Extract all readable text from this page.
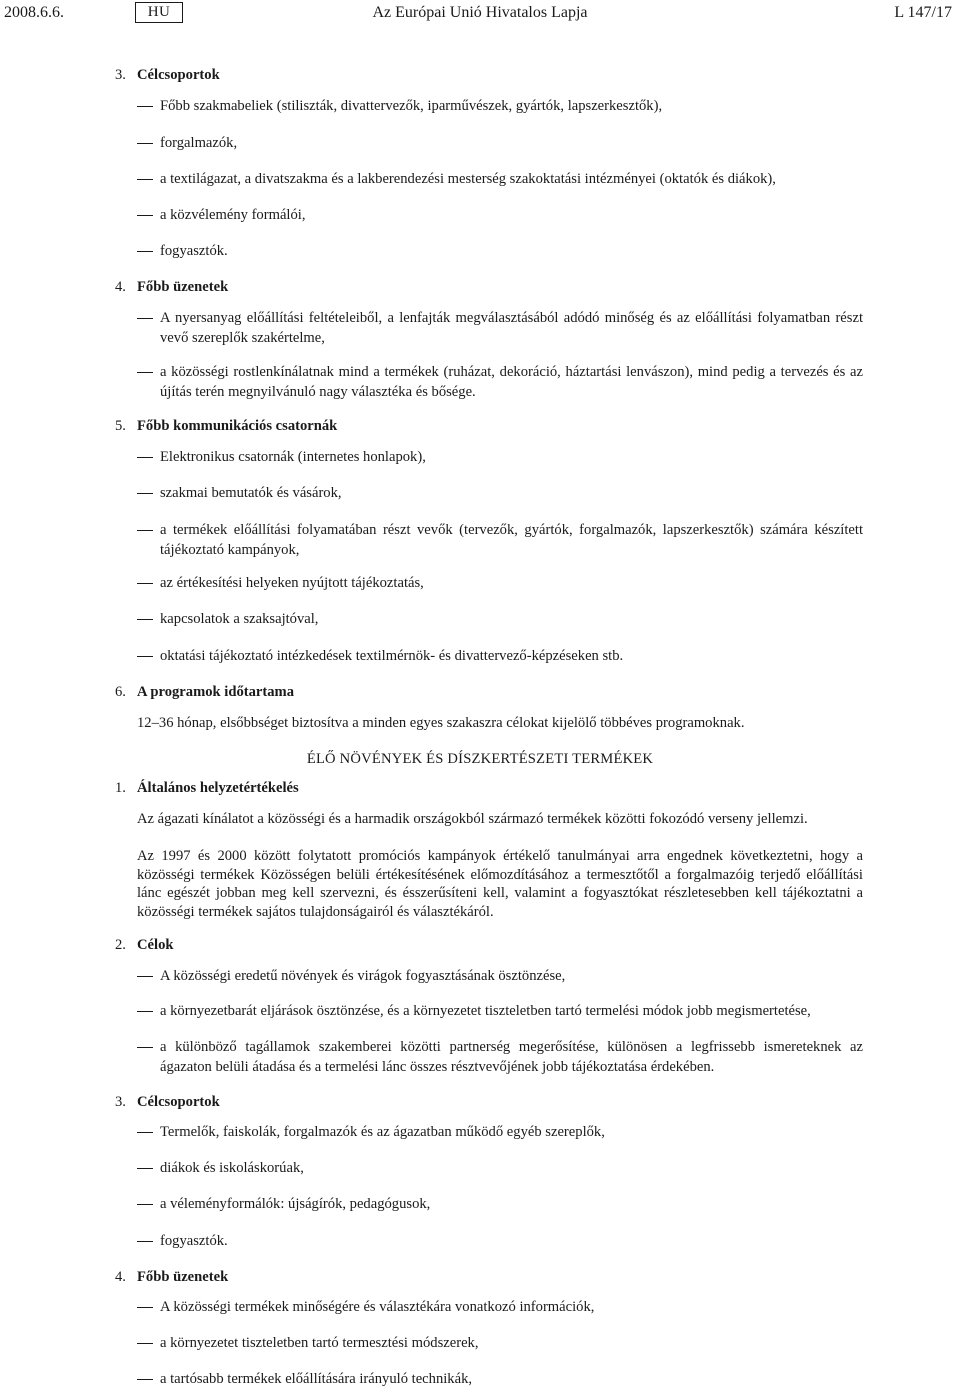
Az Európai Unió Hivatalos Lapja
2008.6.6.	HU	L 147/17
3. Célcsoportok
Főbb szakmabeliek (stiliszták, divattervezők, iparművészek, gyártók, lapszerkesztők),
forgalmazók,
a textilágazat, a divatszakma és a lakberendezési mesterség szakoktatási intézményei (oktatók és diákok),
a közvélemény formálói,
fogyasztók.
4. Főbb üzenetek
A nyersanyag előállítási feltételeiből, a lenfajták megválasztásából adódó minőség és az előállítási folyamatban részt vevő szereplők szakértelme,
a közösségi rostlenkínálatnak mind a termékek (ruházat, dekoráció, háztartási lenvászon), mind pedig a tervezés és az újítás terén megnyilvánuló nagy választéka és bősége.
5. Főbb kommunikációs csatornák
Elektronikus csatornák (internetes honlapok),
szakmai bemutatók és vásárok,
a termékek előállítási folyamatában részt vevők (tervezők, gyártók, forgalmazók, lapszerkesztők) számára készített tájékoztató kampányok,
az értékesítési helyeken nyújtott tájékoztatás,
kapcsolatok a szaksajtóval,
oktatási tájékoztató intézkedések textilmérnök- és divattervező-képzéseken stb.
6. A programok időtartama
12–36 hónap, elsőbbséget biztosítva a minden egyes szakaszra célokat kijelölő többéves programoknak.
ÉLŐ NÖVÉNYEK ÉS DÍSZKERTÉSZETI TERMÉKEK
1. Általános helyzetértékelés
Az ágazati kínálatot a közösségi és a harmadik országokból származó termékek közötti fokozódó verseny jellemzi.
Az 1997 és 2000 között folytatott promóciós kampányok értékelő tanulmányai arra engednek következtetni, hogy a közösségi termékek Közösségen belüli értékesítésének előmozdításához a termesztőtől a forgalmazóig terjedő előállítási lánc egészét jobban meg kell szervezni, és ésszerűsíteni kell, valamint a fogyasztókat részletesebben kell tájékoztatni a közösségi termékek sajátos tulajdonságairól és választékáról.
2. Célok
A közösségi eredetű növények és virágok fogyasztásának ösztönzése,
a környezetbarát eljárások ösztönzése, és a környezetet tiszteletben tartó termelési módok jobb megismertetése,
a különböző tagállamok szakemberei közötti partnerség megerősítése, különösen a legfrissebb ismereteknek az ágazaton belüli átadása és a termelési lánc összes résztvevőjének jobb tájékoztatása érdekében.
3. Célcsoportok
Termelők, faiskolák, forgalmazók és az ágazatban működő egyéb szereplők,
diákok és iskoláskorúak,
a véleményformálók: újságírók, pedagógusok,
fogyasztók.
4. Főbb üzenetek
A közösségi termékek minőségére és választékára vonatkozó információk,
a környezetet tiszteletben tartó termesztési módszerek,
a tartósabb termékek előállítására irányuló technikák,
